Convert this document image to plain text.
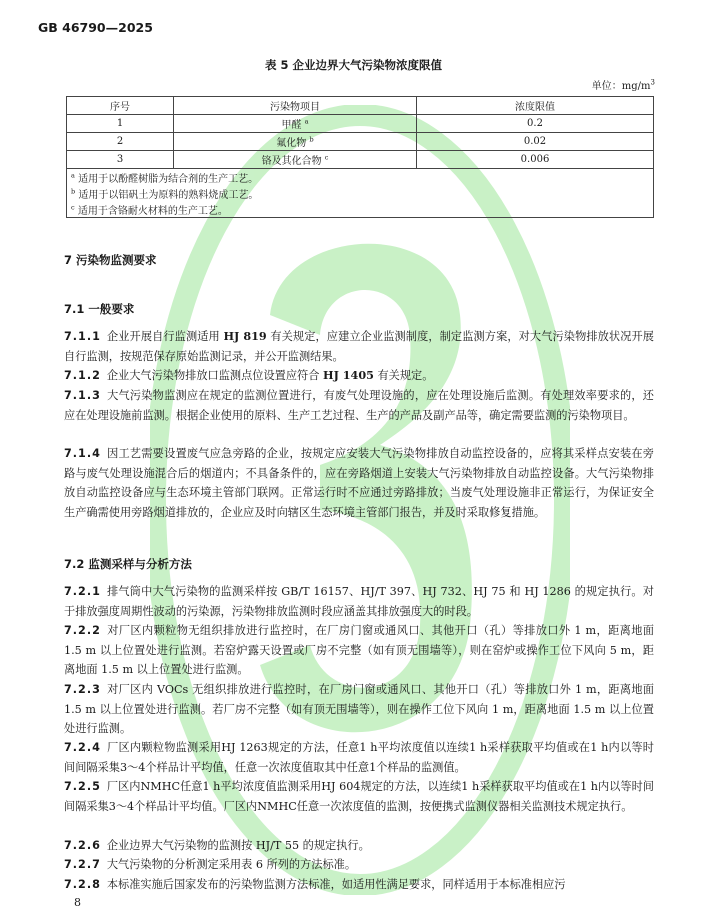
GB 46790—2025
表 5 企业边界大气污染物浓度限值
单位：$mg/m^3$
序号	污染物项目	浓度限值
1	甲醛 $^a$	0.2
2	氟化物 $^b$	0.02
3	铬及其化合物 $^c$	0.006
$^a$ 适用于以酚醛树脂为结合剂的生产工艺。		
$^b$ 适用于以铝矾土为原料的熟料烧成工艺。		
$^c$ 适用于含铬耐火材料的生产工艺。		
7 污染物监测要求
7.1 一般要求
7.1.1 企业开展自行监测适用 HJ 819 有关规定，应建立企业监测制度，制定监测方案，对大气污染物排放状况开展自行监测，按规范保存原始监测记录，并公开监测结果。
7.1.2 企业大气污染物排放口监测点位设置应符合 HJ 1405 有关规定。
7.1.3 大气污染物监测应在规定的监测位置进行，有废气处理设施的，应在处理设施后监测。有处理效率要求的，还应在处理设施前监测。根据企业使用的原料、生产工艺过程、生产的产品及副产品等，确定需要监测的污染物项目。
7.1.4 因工艺需要设置废气应急旁路的企业，按规定应安装大气污染物排放自动监控设备的，应将其采样点安装在旁路与废气处理设施混合后的烟道内；不具备条件的，应在旁路烟道上安装大气污染物排放自动监控设备。大气污染物排放自动监控设备应与生态环境主管部门联网。正常运行时不应通过旁路排放；当废气处理设施非正常运行，为保证安全生产确需使用旁路烟道排放的，企业应及时向辖区生态环境主管部门报告，并及时采取修复措施。
7.2 监测采样与分析方法
7.2.1 排气筒中大气污染物的监测采样按 GB/T 16157、HJ/T 397、HJ 732、HJ 75 和 HJ 1286 的规定执行。对于排放强度周期性波动的污染源，污染物排放监测时段应涵盖其排放强度大的时段。
7.2.2 对厂区内颗粒物无组织排放进行监控时，在厂房门窗或通风口、其他开口（孔）等排放口外 1 m，距离地面 1.5 m 以上位置处进行监测。若窑炉露天设置或厂房不完整（如有顶无围墙等），则在窑炉或操作工位下风向 5 m，距离地面 1.5 m 以上位置处进行监测。
7.2.3 对厂区内 VOCs 无组织排放进行监控时，在厂房门窗或通风口、其他开口（孔）等排放口外 1 m，距离地面 1.5 m 以上位置处进行监测。若厂房不完整（如有顶无围墙等），则在操作工位下风向 1 m，距离地面 1.5 m 以上位置处进行监测。
7.2.4 厂区内颗粒物监测采用HJ 1263规定的方法，任意1 h平均浓度值以连续1 h采样获取平均值或在1 h内以等时间间隔采集3～4个样品计平均值，任意一次浓度值取其中任意1个样品的监测值。
7.2.5 厂区内NMHC任意1 h平均浓度值监测采用HJ 604规定的方法，以连续1 h采样获取平均值或在1 h内以等时间间隔采集3～4个样品计平均值。厂区内NMHC任意一次浓度值的监测，按便携式监测仪器相关监测技术规定执行。
7.2.6 企业边界大气污染物的监测按 HJ/T 55 的规定执行。
7.2.7 大气污染物的分析测定采用表 6 所列的方法标准。
7.2.8 本标准实施后国家发布的污染物监测方法标准，如适用性满足要求，同样适用于本标准相应污
8
